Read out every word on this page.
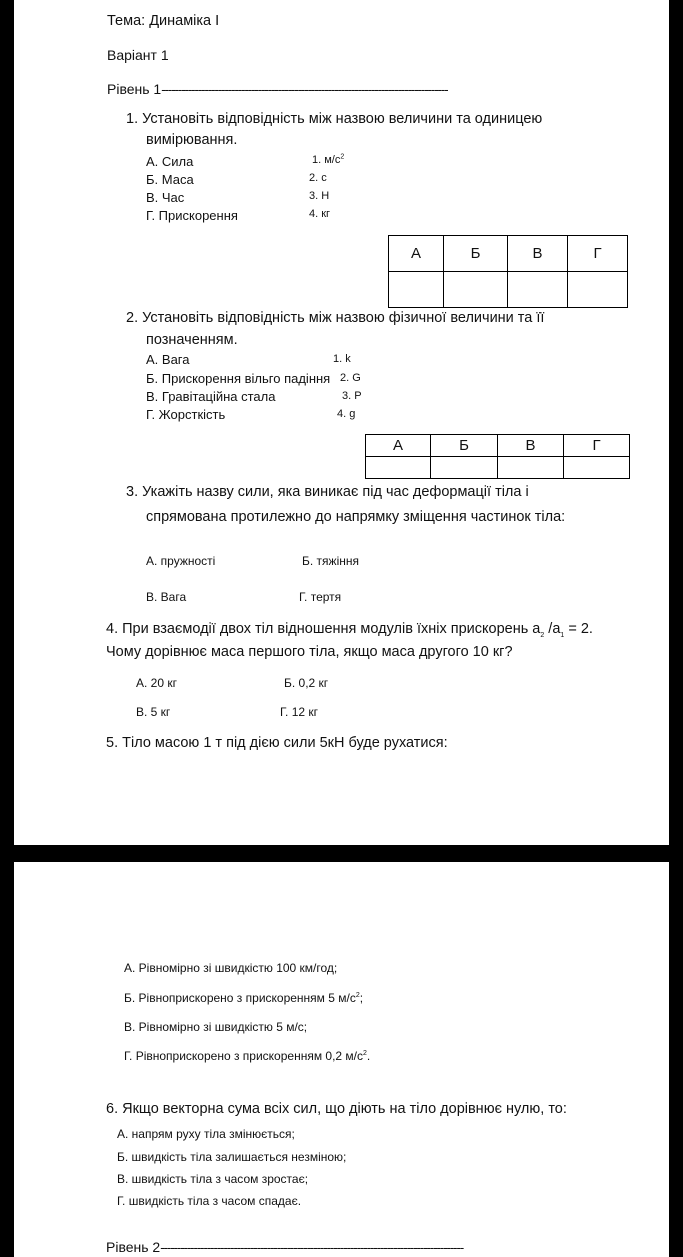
Тема: Динаміка І
Варіант 1
Рівень 1--------------------------------------------------------------------------------------
1. Установіть відповідність між назвою величини та одиницею
вимірювання.
А. Сила
Б. Маса
В. Час
Г. Прискорення
1. $м/с^2$
2. с
3. Н
4. кг
А	Б	В	Г

2. Установіть відповідність між назвою фізичної величини та її
позначенням.
А. Вага
Б. Прискорення вільго падіння
В. Гравітаційна стала
Г. Жорсткість
1. k
2. G
3. P
4. g
А	Б	В	Г

3. Укажіть назву сили, яка виникає під час деформації тіла і
спрямована протилежно до напрямку зміщення частинок тіла:
А. пружності	Б. тяжіння
В. Вага	Г. тертя
4. При взаємодії двох тіл відношення модулів їхніх прискорень $a_2$ $/a_1 = 2$.
Чому дорівнює маса першого тіла, якщо маса другого 10 кг?
А. 20 кг	Б. 0,2 кг
В. 5 кг	Г. 12 кг
5. Тіло масою 1 т під дією сили 5кН буде рухатися:
А. Рівномірно зі швидкістю 100 км/год;
Б. Рівноприскорено з прискоренням 5 $м/с^2$;
В. Рівномірно зі швидкістю 5 м/с;
Г. Рівноприскорено з прискоренням 0,2 $м/с^2$.
6. Якщо векторна сума всіх сил, що діють на тіло дорівнює нулю, то:
А. напрям руху тіла змінюється;
Б. швидкість тіла залишається незміною;
В. швидкість тіла з часом зростає;
Г. швидкість тіла з часом спадає.
Рівень 2-------------------------------------------------------------------------------------------
